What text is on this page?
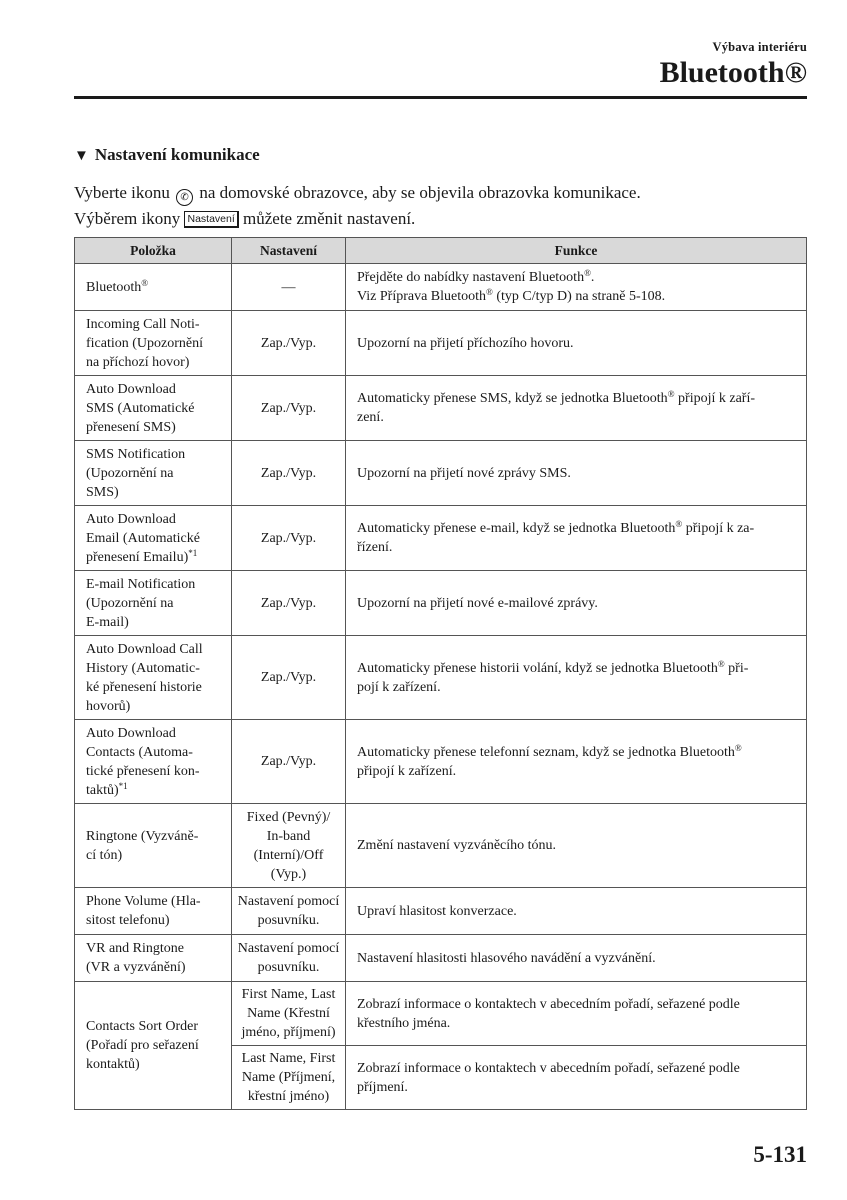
Výbava interiéru
Bluetooth®
▼ Nastavení komunikace
Vyberte ikonu ✆ na domovské obrazovce, aby se objevila obrazovka komunikace.
Výběrem ikony Nastavení můžete změnit nastavení.
Položka	Nastavení	Funkce
Bluetooth®	—	Přejděte do nabídky nastavení Bluetooth®.
Viz Příprava Bluetooth® (typ C/typ D) na straně 5-108.
Incoming Call Noti-
fication (Upozornění
na příchozí hovor)	Zap./Vyp.	Upozorní na přijetí příchozího hovoru.
Auto Download
SMS (Automatické
přenesení SMS)	Zap./Vyp.	Automaticky přenese SMS, když se jednotka Bluetooth® připojí k zaří-
zení.
SMS Notification
(Upozornění na
SMS)	Zap./Vyp.	Upozorní na přijetí nové zprávy SMS.
Auto Download
Email (Automatické
přenesení Emailu)$^{*1}$	Zap./Vyp.	Automaticky přenese e-mail, když se jednotka Bluetooth® připojí k za-
řízení.
E-mail Notification
(Upozornění na
E-mail)	Zap./Vyp.	Upozorní na přijetí nové e-mailové zprávy.
Auto Download Call
History (Automatic-
ké přenesení historie
hovorů)	Zap./Vyp.	Automaticky přenese historii volání, když se jednotka Bluetooth® při-
pojí k zařízení.
Auto Download
Contacts (Automa-
tické přenesení kon-
taktů)$^{*1}$	Zap./Vyp.	Automaticky přenese telefonní seznam, když se jednotka Bluetooth®
připojí k zařízení.
Ringtone (Vyzváně-
cí tón)	Fixed (Pevný)/
In-band
(Interní)/Off
(Vyp.)	Změní nastavení vyzváněcího tónu.
Phone Volume (Hla-
sitost telefonu)	Nastavení pomocí
posuvníku.	Upraví hlasitost konverzace.
VR and Ringtone
(VR a vyzvánění)	Nastavení pomocí
posuvníku.	Nastavení hlasitosti hlasového navádění a vyzvánění.
Contacts Sort Order
(Pořadí pro seřazení
kontaktů)	First Name, Last
Name (Křestní
jméno, příjmení)	Zobrazí informace o kontaktech v abecedním pořadí, seřazené podle
křestního jména.
	Last Name, First
Name (Příjmení,
křestní jméno)	Zobrazí informace o kontaktech v abecedním pořadí, seřazené podle
příjmení.
5-131
